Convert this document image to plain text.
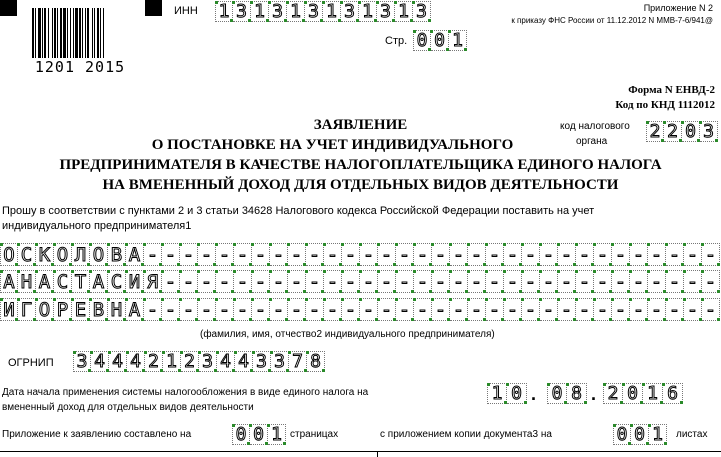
1201 2015
ИНН 1 3 1 3 1 3 1 3 1 3 1 3
Стр. 0 0 1
Приложение N 2
к приказу ФНС России от 11.12.2012 N ММВ-7-6/941@
Форма N ЕНВД-2
Код по КНД 1112012
код налогового
органа 2 2 0 3
ЗАЯВЛЕНИЕ
О ПОСТАНОВКЕ НА УЧЕТ ИНДИВИДУАЛЬНОГО
ПРЕДПРИНИМАТЕЛЯ В КАЧЕСТВЕ НАЛОГОПЛАТЕЛЬЩИКА ЕДИНОГО НАЛОГА
НА ВМЕНЕННЫЙ ДОХОД ДЛЯ ОТДЕЛЬНЫХ ВИДОВ ДЕЯТЕЛЬНОСТИ
Прошу в соответствии с пунктами 2 и 3 статьи 34628 Налогового кодекса Российской Федерации поставить на учет
индивидуального предпринимателя1
О С К О Л О В А - - - - - - - - - - - - - - - - - - - - - - - - - - - - - - - -
А Н А С Т А С И Я - - - - - - - - - - - - - - - - - - - - - - - - - - - - - - -
И Г О Р Е В Н А - - - - - - - - - - - - - - - - - - - - - - - - - - - - - - - -
(фамилия, имя, отчество2 индивидуального предпринимателя)
ОГРНИП 3 4 4 4 2 1 2 3 4 4 3 3 7 8
Дата начала применения системы налогообложения в виде единого налога на
вмененный доход для отдельных видов деятельности
1 0 . 0 8 . 2 0 1 6
Приложение к заявлению составлено на 0 0 1 страницах	с приложением копии документа3 на	0 0 1	листах
